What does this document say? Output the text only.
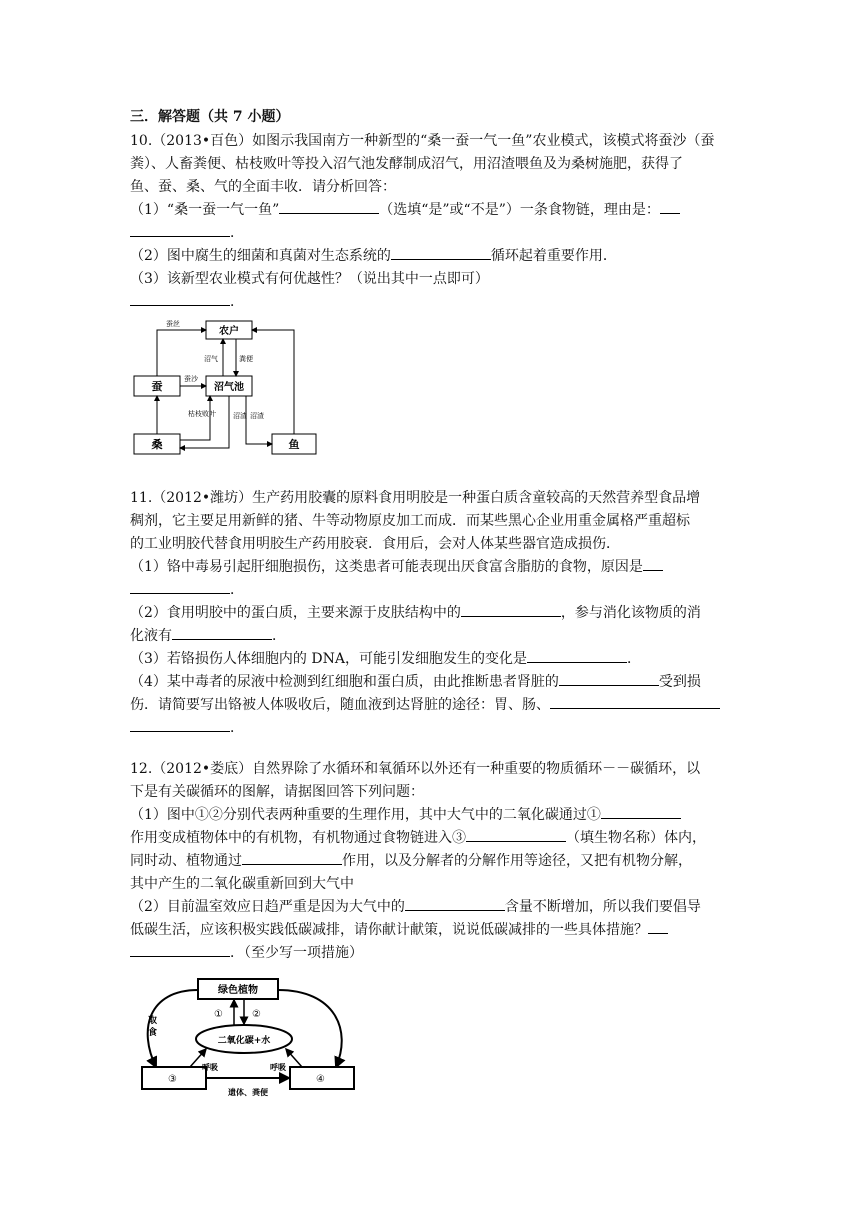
三．解答题（共 7 小题）

10.（2013•百色）如图示我国南方一种新型的“桑一蚕一气一鱼”农业模式，该模式将蚕沙（蚕
粪）、人畜粪便、枯枝败叶等投入沼气池发酵制成沼气，用沼渣喂鱼及为桑树施肥，获得了
鱼、蚕、桑、气的全面丰收．请分析回答：
（1）“桑一蚕一气一鱼”	（选填“是”或“不是”）一条食物链，理由是：
．
（2）图中腐生的细菌和真菌对生态系统的	循环起着重要作用．
（3）该新型农业模式有何优越性？（说出其中一点即可）
．

农户
蚕	沼气池
桑	鱼
蚕丝
沼气	粪便
蚕沙
枯枝败叶 沼渣 沼渣

11.（2012•潍坊）生产药用胶囊的原料食用明胶是一种蛋白质含童较高的天然营养型食品增
稠剂，它主要足用新鲜的猪、牛等动物原皮加工而成．而某些黑心企业用重金属格严重超标
的工业明胶代替食用明胶生产药用胶衰．食用后，会对人体某些器官造成损伤．
（1）铬中毒易引起肝细胞损伤，这类患者可能表现出厌食富含脂肪的食物，原因是
．
（2）食用明胶中的蛋白质，主要来源于皮肤结构中的	，参与消化该物质的消
化液有	．
（3）若铬损伤人体细胞内的 DNA，可能引发细胞发生的变化是	．
（4）某中毒者的尿液中检测到红细胞和蛋白质，由此推断患者肾脏的	受到损
伤．请简要写出铬被人体吸收后，随血液到达肾脏的途径：胃、肠、
．

12.（2012•娄底）自然界除了水循环和氧循环以外还有一种重要的物质循环－－碳循环，以
下是有关碳循环的图解，请据图回答下列问题：
（1）图中①②分别代表两种重要的生理作用，其中大气中的二氧化碳通过①
作用变成植物体中的有机物，有机物通过食物链进入③	（填生物名称）体内，
同时动、植物通过	作用，以及分解者的分解作用等途径，又把有机物分解，
其中产生的二氧化碳重新回到大气中
（2）目前温室效应日趋严重是因为大气中的	含量不断增加，所以我们要倡导
低碳生活，应该积极实践低碳减排，请你献计献策，说说低碳减排的一些具体措施？
．（至少写一项措施）

绿色植物
二氧化碳+水
①	②
取
食
③	④
呼吸	呼吸
遗体、粪便
